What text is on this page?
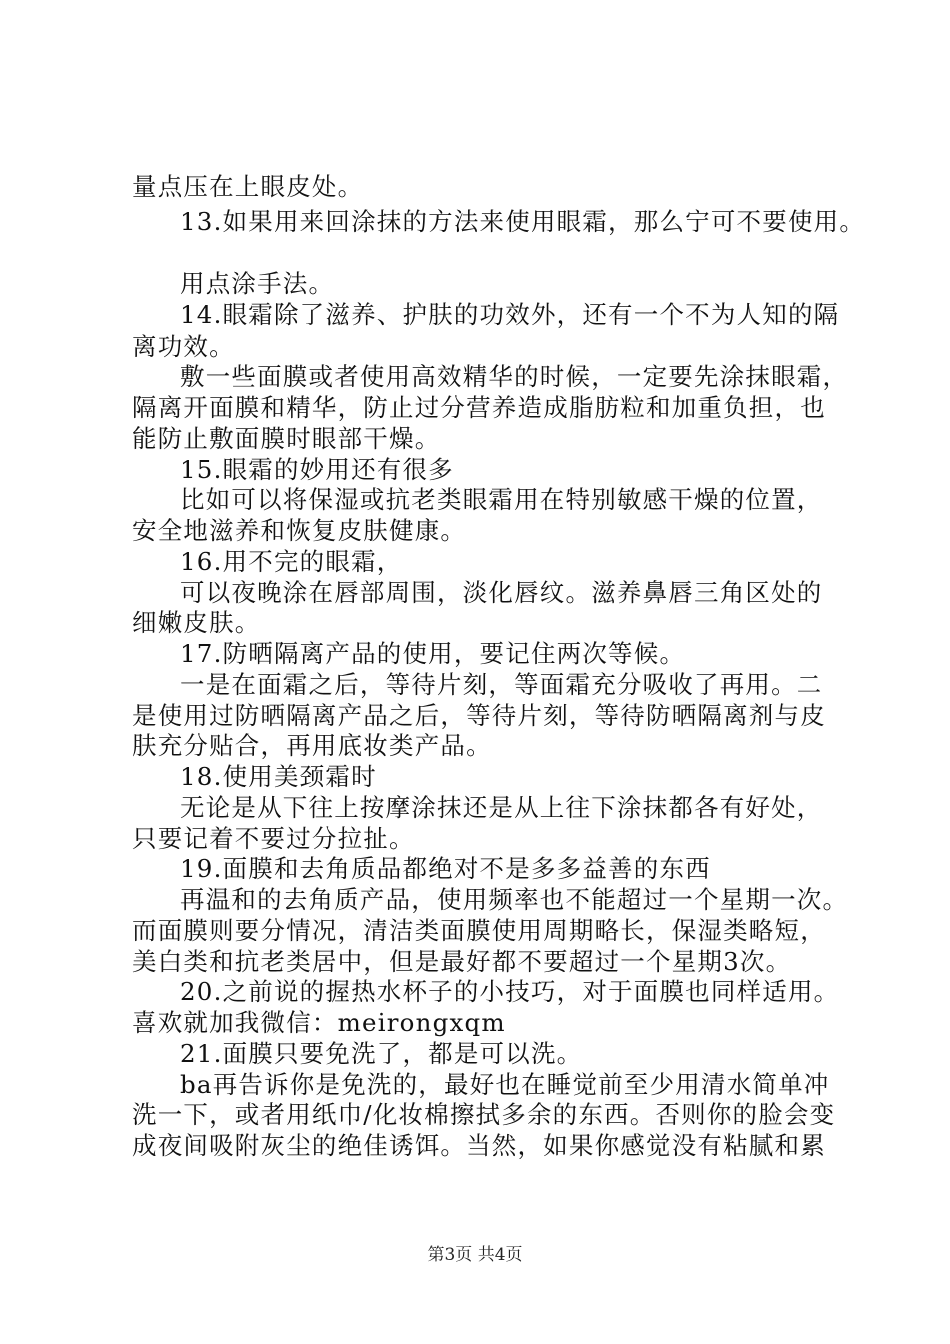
量点压在上眼皮处。
13.如果用来回涂抹的方法来使用眼霜，那么宁可不要使用。
用点涂手法。
14.眼霜除了滋养、护肤的功效外，还有一个不为人知的隔
离功效。
敷一些面膜或者使用高效精华的时候，一定要先涂抹眼霜，
隔离开面膜和精华，防止过分营养造成脂肪粒和加重负担，也
能防止敷面膜时眼部干燥。
15.眼霜的妙用还有很多
比如可以将保湿或抗老类眼霜用在特别敏感干燥的位置，
安全地滋养和恢复皮肤健康。
16.用不完的眼霜，
可以夜晚涂在唇部周围，淡化唇纹。滋养鼻唇三角区处的
细嫩皮肤。
17.防晒隔离产品的使用，要记住两次等候。
一是在面霜之后，等待片刻，等面霜充分吸收了再用。二
是使用过防晒隔离产品之后，等待片刻，等待防晒隔离剂与皮
肤充分贴合，再用底妆类产品。
18.使用美颈霜时
无论是从下往上按摩涂抹还是从上往下涂抹都各有好处，
只要记着不要过分拉扯。
19.面膜和去角质品都绝对不是多多益善的东西
再温和的去角质产品，使用频率也不能超过一个星期一次。
而面膜则要分情况，清洁类面膜使用周期略长，保湿类略短，
美白类和抗老类居中，但是最好都不要超过一个星期3次。
20.之前说的握热水杯子的小技巧，对于面膜也同样适用。
喜欢就加我微信：meirongxqm
21.面膜只要免洗了，都是可以洗。
ba再告诉你是免洗的，最好也在睡觉前至少用清水简单冲
洗一下，或者用纸巾/化妆棉擦拭多余的东西。否则你的脸会变
成夜间吸附灰尘的绝佳诱饵。当然，如果你感觉没有粘腻和累
第3页 共4页
